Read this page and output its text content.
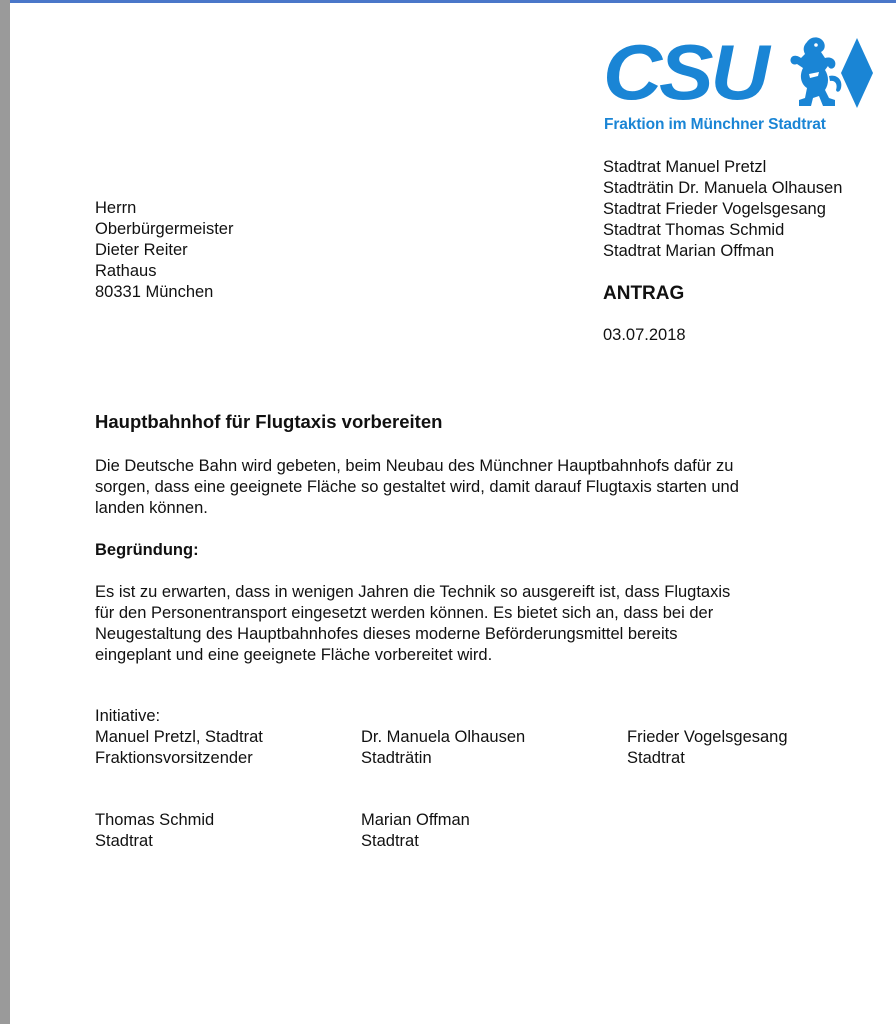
CSU
Fraktion im Münchner Stadtrat
Herrn
Oberbürgermeister
Dieter Reiter
Rathaus
80331 München
Stadtrat Manuel Pretzl
Stadträtin Dr. Manuela Olhausen
Stadtrat Frieder Vogelsgesang
Stadtrat Thomas Schmid
Stadtrat Marian Offman
ANTRAG
03.07.2018
Hauptbahnhof für Flugtaxis vorbereiten
Die Deutsche Bahn wird gebeten, beim Neubau des Münchner Hauptbahnhofs dafür zu
sorgen, dass eine geeignete Fläche so gestaltet wird, damit darauf Flugtaxis starten und
landen können.
Begründung:
Es ist zu erwarten, dass in wenigen Jahren die Technik so ausgereift ist, dass Flugtaxis
für den Personentransport eingesetzt werden können. Es bietet sich an, dass bei der
Neugestaltung des Hauptbahnhofes dieses moderne Beförderungsmittel bereits
eingeplant und eine geeignete Fläche vorbereitet wird.
Initiative:
Manuel Pretzl, Stadtrat
Fraktionsvorsitzender
Dr. Manuela Olhausen
Stadträtin
Frieder Vogelsgesang
Stadtrat
Thomas Schmid
Stadtrat
Marian Offman
Stadtrat
